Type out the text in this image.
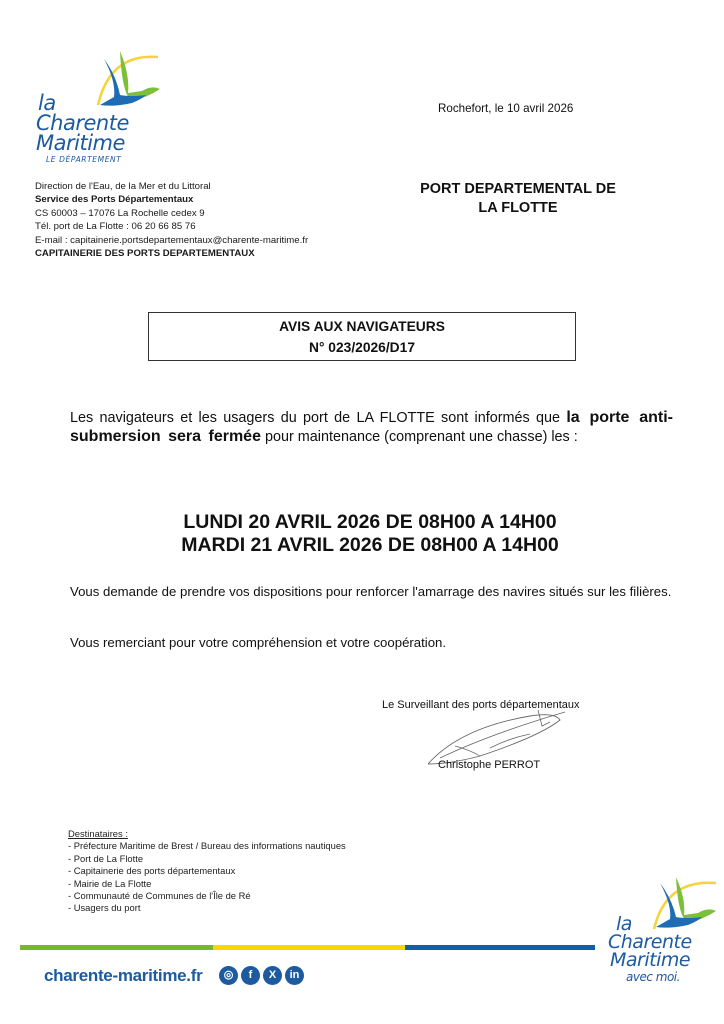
la
Charente
Maritime
LE DÉPARTEMENT
Direction de l'Eau, de la Mer et du Littoral
Service des Ports Départementaux
CS 60003 – 17076 La Rochelle cedex 9
Tél. port de La Flotte : 06 20 66 85 76
E-mail : capitainerie.portsdepartementaux@charente-maritime.fr
CAPITAINERIE DES PORTS DEPARTEMENTAUX
Rochefort, le 10 avril 2026
PORT DEPARTEMENTAL DE
LA FLOTTE
AVIS AUX NAVIGATEURS
N° 023/2026/D17
Les navigateurs et les usagers du port de LA FLOTTE sont informés que la porte anti-submersion sera fermée pour maintenance (comprenant une chasse) les :
LUNDI 20 AVRIL 2026 DE 08H00 A 14H00
MARDI 21 AVRIL 2026 DE 08H00 A 14H00
Vous demande de prendre vos dispositions pour renforcer l'amarrage des navires situés sur les filières.
Vous remerciant pour votre compréhension et votre coopération.
Le Surveillant des ports départementaux
Christophe PERROT
Destinataires :
- Préfecture Maritime de Brest / Bureau des informations nautiques
- Port de La Flotte
- Capitainerie des ports départementaux
- Mairie de La Flotte
- Communauté de Communes de l'Île de Ré
- Usagers du port
charente-maritime.fr	◎	f	X	in
la
Charente
Maritime
avec moi.
